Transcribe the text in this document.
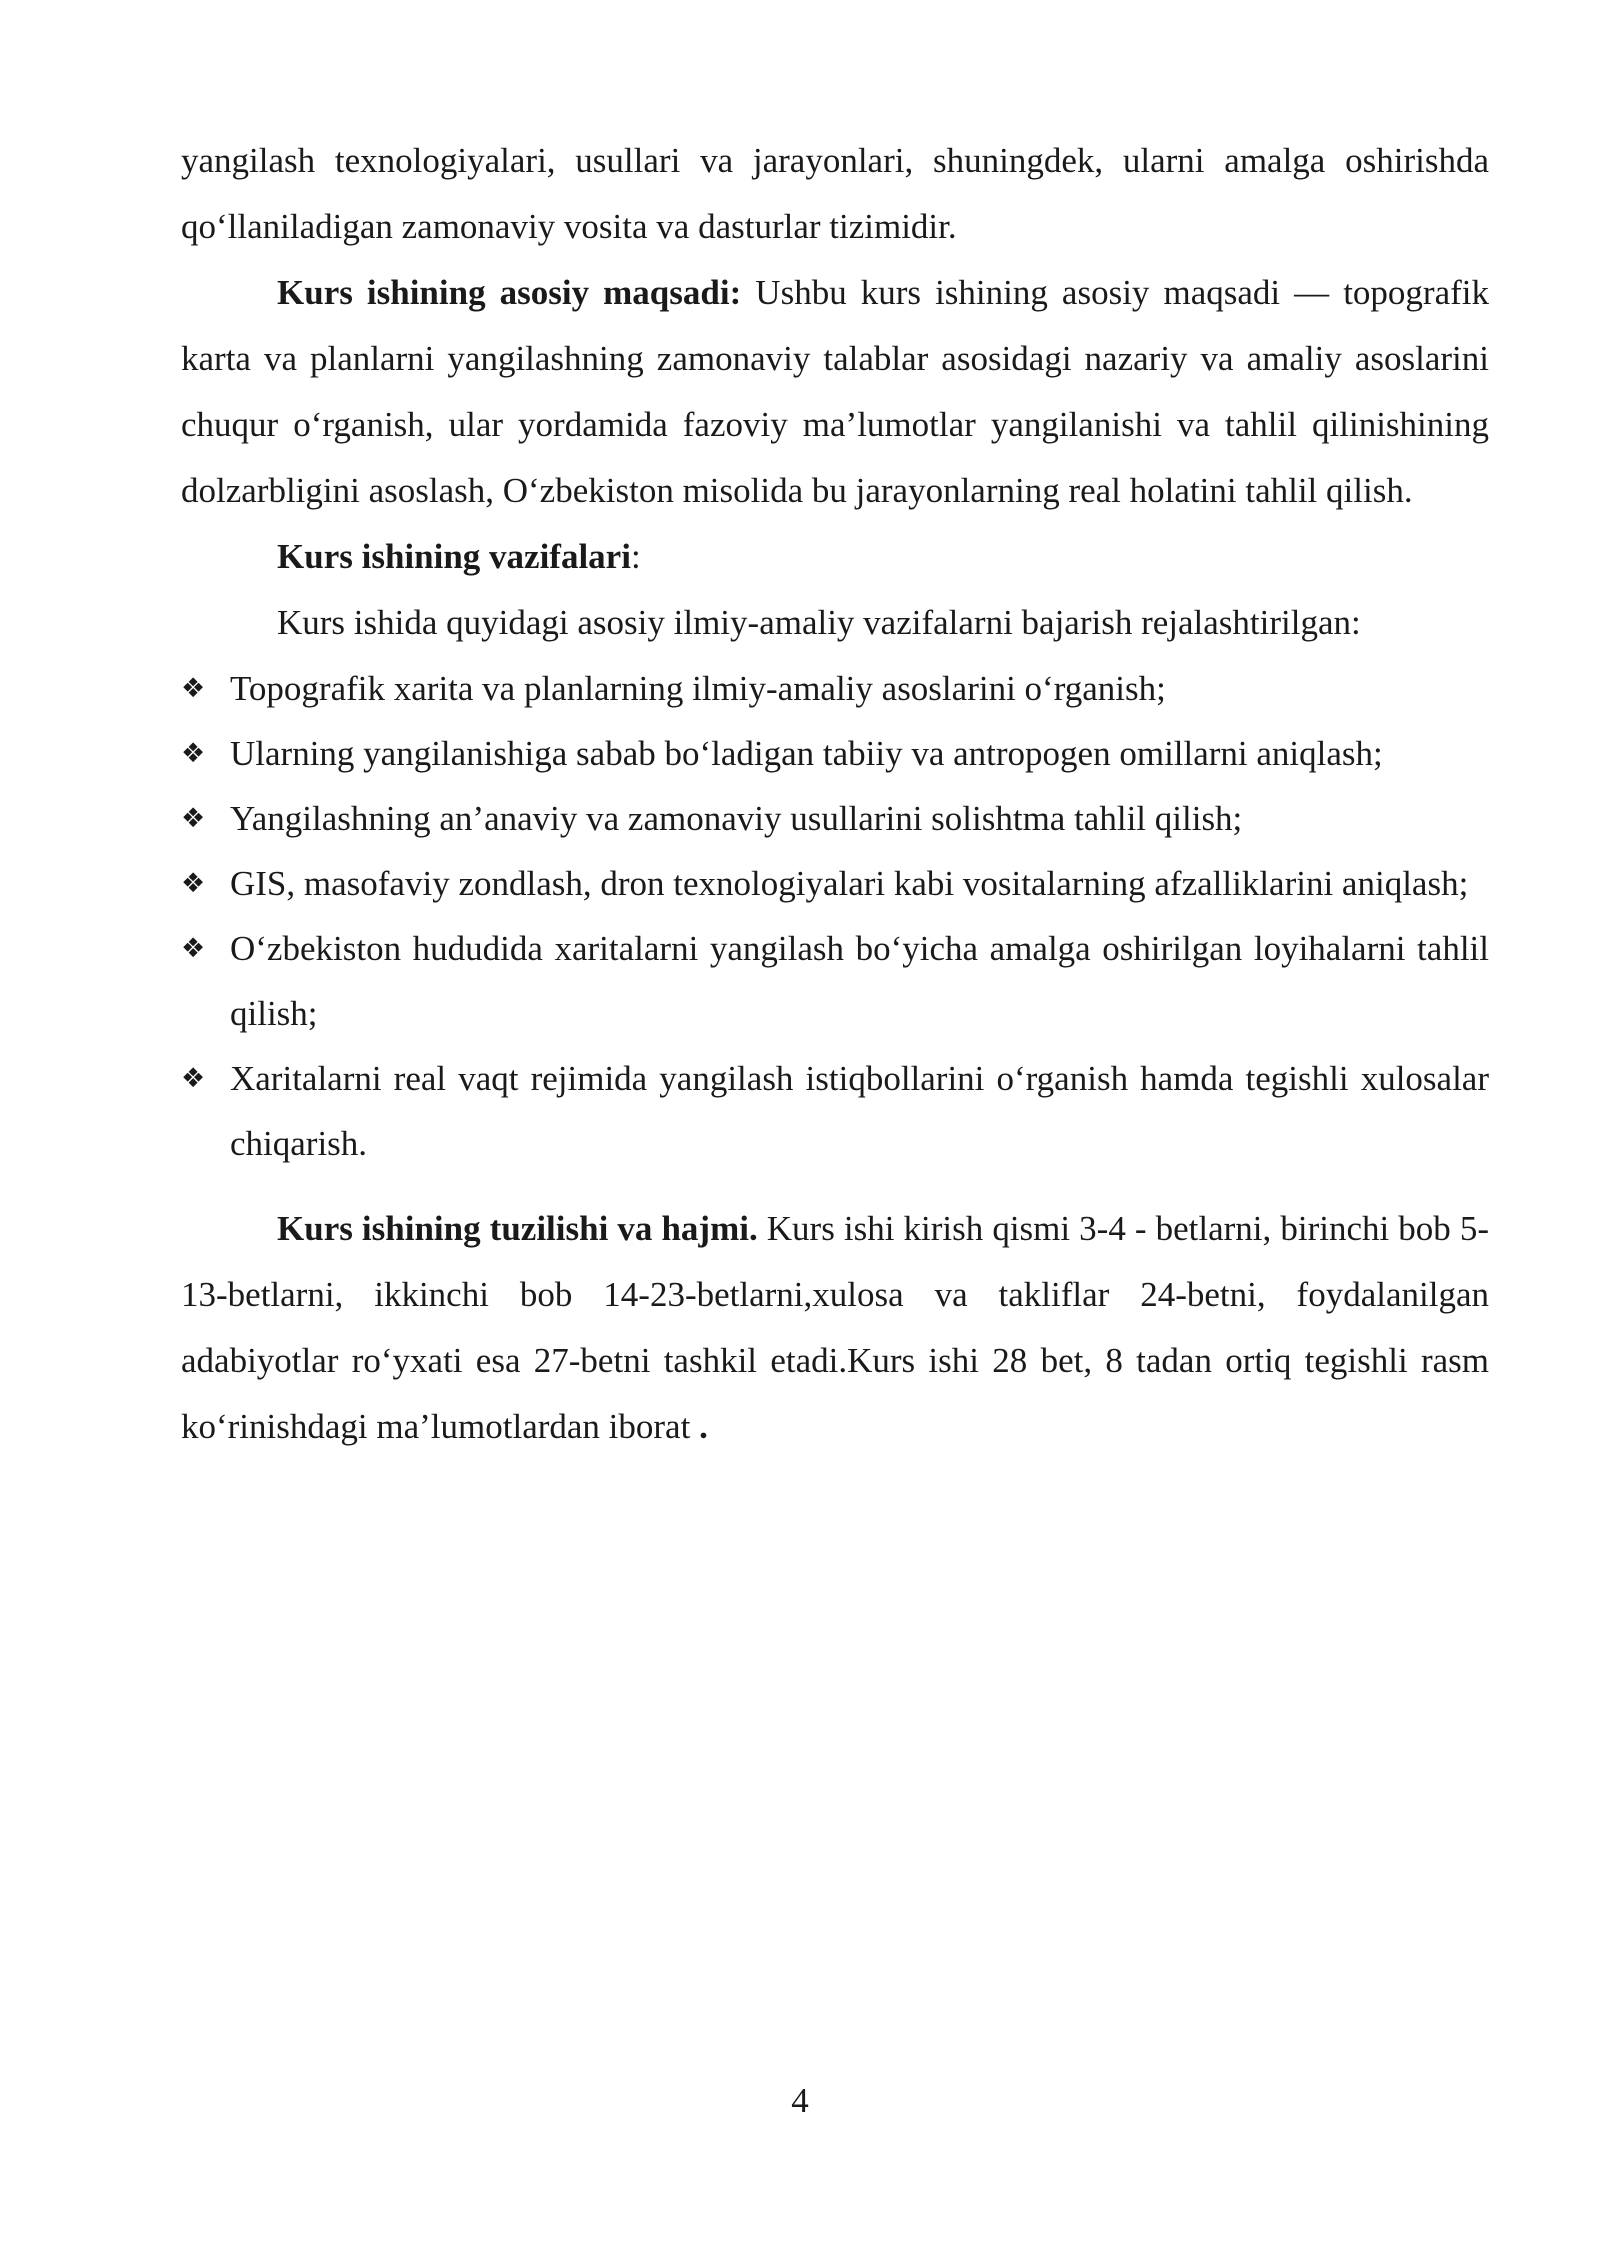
yangilash texnologiyalari, usullari va jarayonlari, shuningdek, ularni amalga oshirishda qo‘llaniladigan zamonaviy vosita va dasturlar tizimidir.

Kurs ishining asosiy maqsadi: Ushbu kurs ishining asosiy maqsadi — topografik karta va planlarni yangilashning zamonaviy talablar asosidagi nazariy va amaliy asoslarini chuqur o‘rganish, ular yordamida fazoviy ma’lumotlar yangilanishi va tahlil qilinishining dolzarbligini asoslash, O‘zbekiston misolida bu jarayonlarning real holatini tahlil qilish.

Kurs ishining vazifalari:

Kurs ishida quyidagi asosiy ilmiy-amaliy vazifalarni bajarish rejalashtirilgan:

❖ Topografik xarita va planlarning ilmiy-amaliy asoslarini o‘rganish;
❖ Ularning yangilanishiga sabab bo‘ladigan tabiiy va antropogen omillarni aniqlash;
❖ Yangilashning an’anaviy va zamonaviy usullarini solishtma tahlil qilish;
❖ GIS, masofaviy zondlash, dron texnologiyalari kabi vositalarning afzalliklarini aniqlash;
❖ O‘zbekiston hududida xaritalarni yangilash bo‘yicha amalga oshirilgan loyihalarni tahlil qilish;
❖ Xaritalarni real vaqt rejimida yangilash istiqbollarini o‘rganish hamda tegishli xulosalar chiqarish.

Kurs ishining tuzilishi va hajmi. Kurs ishi kirish qismi 3-4 - betlarni, birinchi bob 5-13-betlarni, ikkinchi bob 14-23-betlarni,xulosa va takliflar 24-betni, foydalanilgan adabiyotlar ro‘yxati esa 27-betni tashkil etadi.Kurs ishi 28 bet, 8 tadan ortiq tegishli rasm ko‘rinishdagi ma’lumotlardan iborat .

4
